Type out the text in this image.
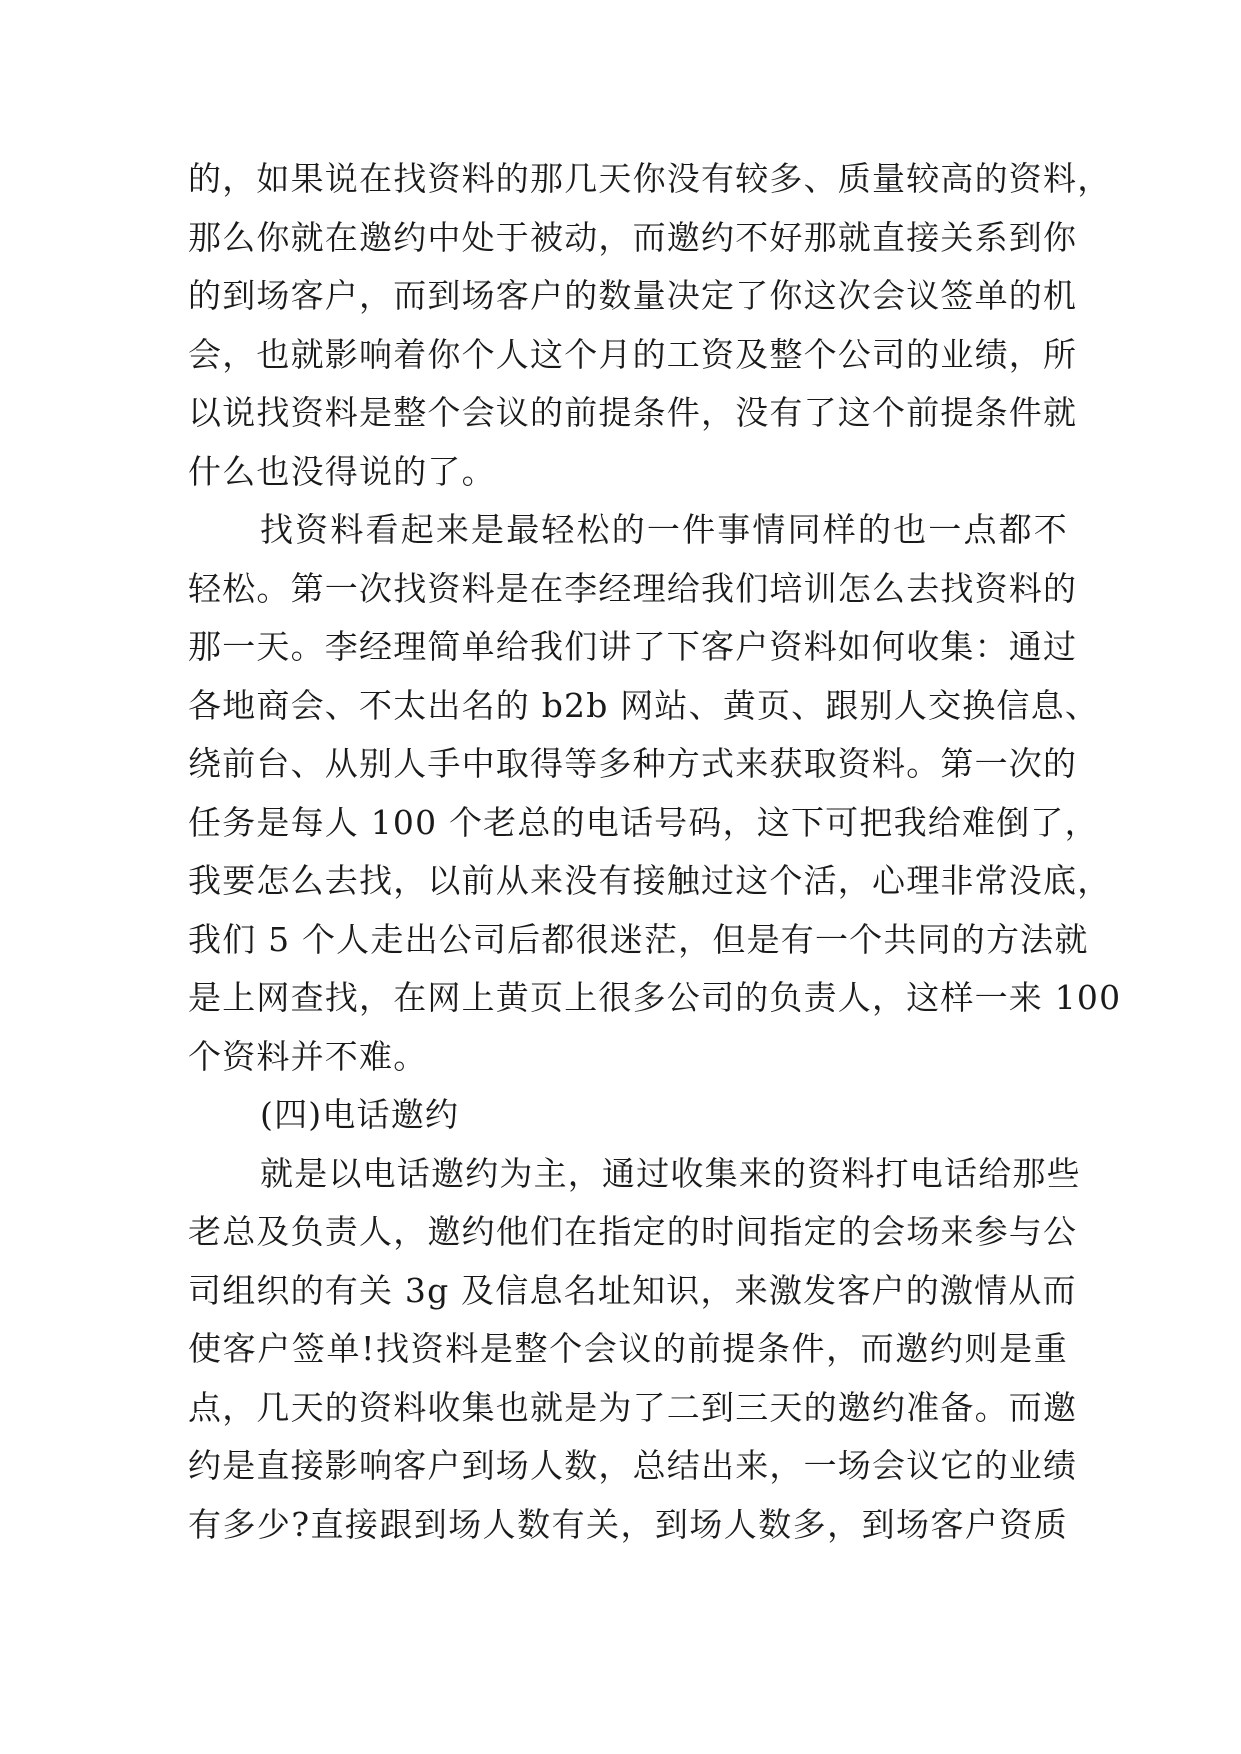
的，如果说在找资料的那几天你没有较多、质量较高的资料，
那么你就在邀约中处于被动，而邀约不好那就直接关系到你
的到场客户，而到场客户的数量决定了你这次会议签单的机
会，也就影响着你个人这个月的工资及整个公司的业绩，所
以说找资料是整个会议的前提条件，没有了这个前提条件就
什么也没得说的了。
找资料看起来是最轻松的一件事情同样的也一点都不
轻松。第一次找资料是在李经理给我们培训怎么去找资料的
那一天。李经理简单给我们讲了下客户资料如何收集：通过
各地商会、不太出名的 b2b 网站、黄页、跟别人交换信息、
绕前台、从别人手中取得等多种方式来获取资料。第一次的
任务是每人 100 个老总的电话号码，这下可把我给难倒了，
我要怎么去找，以前从来没有接触过这个活，心理非常没底，
我们 5 个人走出公司后都很迷茫，但是有一个共同的方法就
是上网查找，在网上黄页上很多公司的负责人，这样一来 100
个资料并不难。
(四)电话邀约
就是以电话邀约为主，通过收集来的资料打电话给那些
老总及负责人，邀约他们在指定的时间指定的会场来参与公
司组织的有关 3g 及信息名址知识，来激发客户的激情从而
使客户签单!找资料是整个会议的前提条件，而邀约则是重
点，几天的资料收集也就是为了二到三天的邀约准备。而邀
约是直接影响客户到场人数，总结出来，一场会议它的业绩
有多少?直接跟到场人数有关，到场人数多，到场客户资质
